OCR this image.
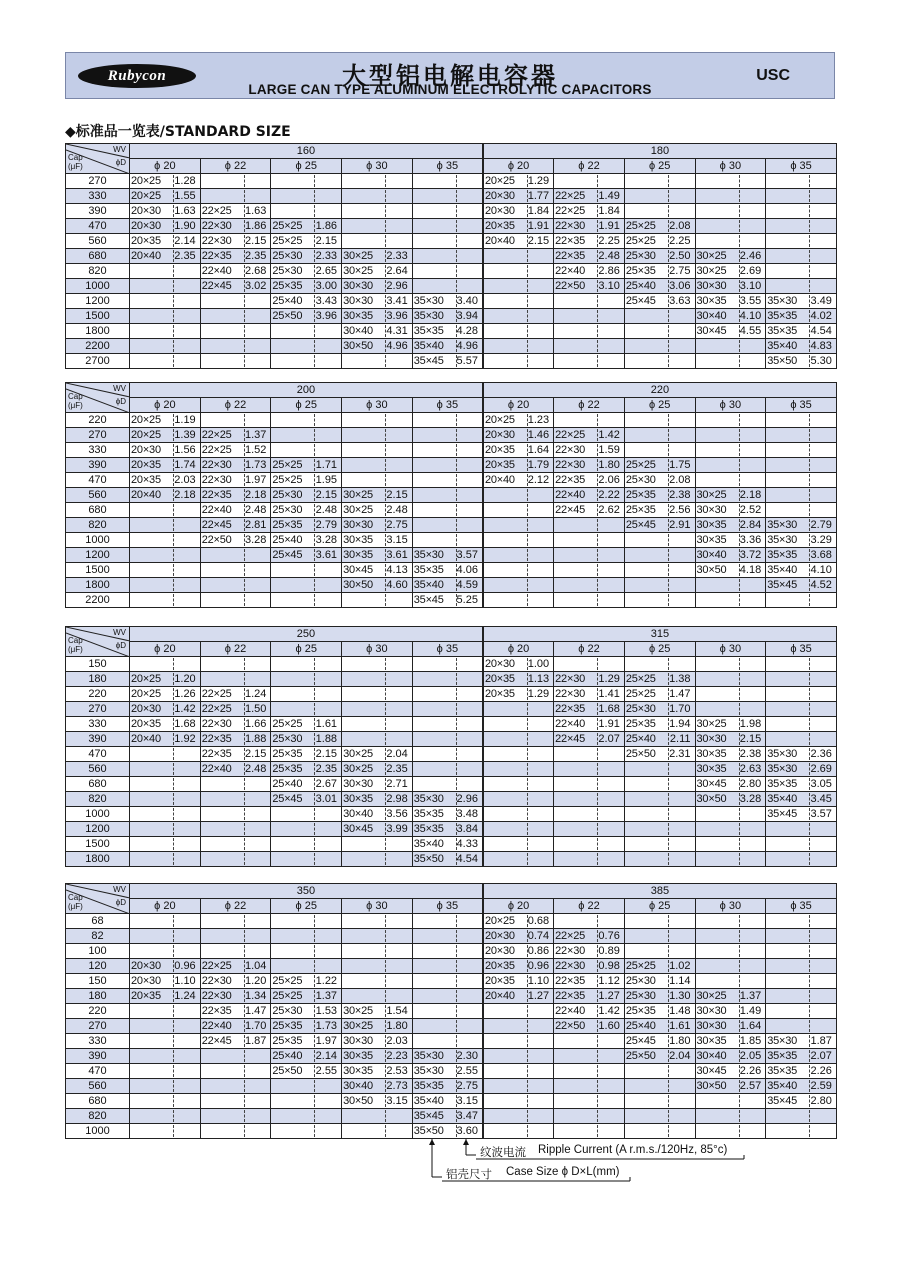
Rubycon	大型铝电解电容器
LARGE CAN TYPE ALUMINUM ELECTROLYTIC CAPACITORS
USC
◆标准品一览表/STANDARD SIZE
WV
Cap
(μF) ϕD	160					180				
	ϕ 20	ϕ 22	ϕ 25	ϕ 30	ϕ 35	ϕ 20	ϕ 22	ϕ 25	ϕ 30	ϕ 35
270	20×25 1.28					20×25 1.29				

330	20×25 1.55					20×30 1.77	22×25 1.49			

390	20×30 1.63	22×25 1.63				20×30 1.84	22×25 1.84			

470	20×30 1.90	22×30 1.86	25×25 1.86			20×35 1.91	22×30 1.91	25×25 2.08		

560	20×35 2.14	22×30 2.15	25×25 2.15			20×40 2.15	22×35 2.25	25×25 2.25		

680	20×40 2.35	22×35 2.35	25×30 2.33	30×25 2.33			22×35 2.48	25×30 2.50	30×25 2.46	

820		22×40 2.68	25×30 2.65	30×25 2.64			22×40 2.86	25×35 2.75	30×25 2.69	

1000		22×45 3.02	25×35 3.00	30×30 2.96			22×50 3.10	25×40 3.06	30×30 3.10	

1200			25×40 3.43	30×30 3.41	35×30 3.40			25×45 3.63	30×35 3.55	35×30 3.49

1500			25×50 3.96	30×35 3.96	35×30 3.94				30×40 4.10	35×35 4.02

1800				30×40 4.31	35×35 4.28				30×45 4.55	35×35 4.54

2200				30×50 4.96	35×40 4.96					35×40 4.83

2700					35×45 5.57					35×50 5.30
WV
Cap
(μF) ϕD	200					220				
	ϕ 20	ϕ 22	ϕ 25	ϕ 30	ϕ 35	ϕ 20	ϕ 22	ϕ 25	ϕ 30	ϕ 35
220	20×25 1.19					20×25 1.23				

270	20×25 1.39	22×25 1.37				20×30 1.46	22×25 1.42			

330	20×30 1.56	22×25 1.52				20×35 1.64	22×30 1.59			

390	20×35 1.74	22×30 1.73	25×25 1.71			20×35 1.79	22×30 1.80	25×25 1.75		

470	20×35 2.03	22×30 1.97	25×25 1.95			20×40 2.12	22×35 2.06	25×30 2.08		

560	20×40 2.18	22×35 2.18	25×30 2.15	30×25 2.15			22×40 2.22	25×35 2.38	30×25 2.18	

680		22×40 2.48	25×30 2.48	30×25 2.48			22×45 2.62	25×35 2.56	30×30 2.52	

820		22×45 2.81	25×35 2.79	30×30 2.75				25×45 2.91	30×35 2.84	35×30 2.79

1000		22×50 3.28	25×40 3.28	30×35 3.15					30×35 3.36	35×30 3.29

1200			25×45 3.61	30×35 3.61	35×30 3.57				30×40 3.72	35×35 3.68

1500				30×45 4.13	35×35 4.06				30×50 4.18	35×40 4.10

1800				30×50 4.60	35×40 4.59					35×45 4.52

2200					35×45 5.25					

WV
Cap
(μF) ϕD	250					315				
	ϕ 20	ϕ 22	ϕ 25	ϕ 30	ϕ 35	ϕ 20	ϕ 22	ϕ 25	ϕ 30	ϕ 35
150						20×30 1.00				

180	20×25 1.20					20×35 1.13	22×30 1.29	25×25 1.38		

220	20×25 1.26	22×25 1.24				20×35 1.29	22×30 1.41	25×25 1.47		

270	20×30 1.42	22×25 1.50					22×35 1.68	25×30 1.70		

330	20×35 1.68	22×30 1.66	25×25 1.61				22×40 1.91	25×35 1.94	30×25 1.98	

390	20×40 1.92	22×35 1.88	25×30 1.88				22×45 2.07	25×40 2.11	30×30 2.15	

470		22×35 2.15	25×35 2.15	30×25 2.04				25×50 2.31	30×35 2.38	35×30 2.36

560		22×40 2.48	25×35 2.35	30×25 2.35					30×35 2.63	35×30 2.69

680			25×40 2.67	30×30 2.71					30×45 2.80	35×35 3.05

820			25×45 3.01	30×35 2.98	35×30 2.96				30×50 3.28	35×40 3.45

1000				30×40 3.56	35×35 3.48					35×45 3.57

1200				30×45 3.99	35×35 3.84					

1500					35×40 4.33					

1800					35×50 4.54					

WV
Cap
(μF) ϕD	350					385				
	ϕ 20	ϕ 22	ϕ 25	ϕ 30	ϕ 35	ϕ 20	ϕ 22	ϕ 25	ϕ 30	ϕ 35
68						20×25 0.68				

82						20×30 0.74	22×25 0.76			

100						20×30 0.86	22×30 0.89			

120	20×30 0.96	22×25 1.04				20×35 0.96	22×30 0.98	25×25 1.02		

150	20×30 1.10	22×30 1.20	25×25 1.22			20×35 1.10	22×35 1.12	25×30 1.14		

180	20×35 1.24	22×30 1.34	25×25 1.37			20×40 1.27	22×35 1.27	25×30 1.30	30×25 1.37	

220		22×35 1.47	25×30 1.53	30×25 1.54			22×40 1.42	25×35 1.48	30×30 1.49	

270		22×40 1.70	25×35 1.73	30×25 1.80			22×50 1.60	25×40 1.61	30×30 1.64	

330		22×45 1.87	25×35 1.97	30×30 2.03				25×45 1.80	30×35 1.85	35×30 1.87

390			25×40 2.14	30×35 2.23	35×30 2.30			25×50 2.04	30×40 2.05	35×35 2.07

470			25×50 2.55	30×35 2.53	35×30 2.55				30×45 2.26	35×35 2.26

560				30×40 2.73	35×35 2.75				30×50 2.57	35×40 2.59

680				30×50 3.15	35×40 3.15					35×45 2.80

820					35×45 3.47					

1000					35×50 3.60					

纹波电流 Ripple Current (A r.m.s./120Hz, 85°c)
铝壳尺寸 Case Size ϕ D×L(mm)
